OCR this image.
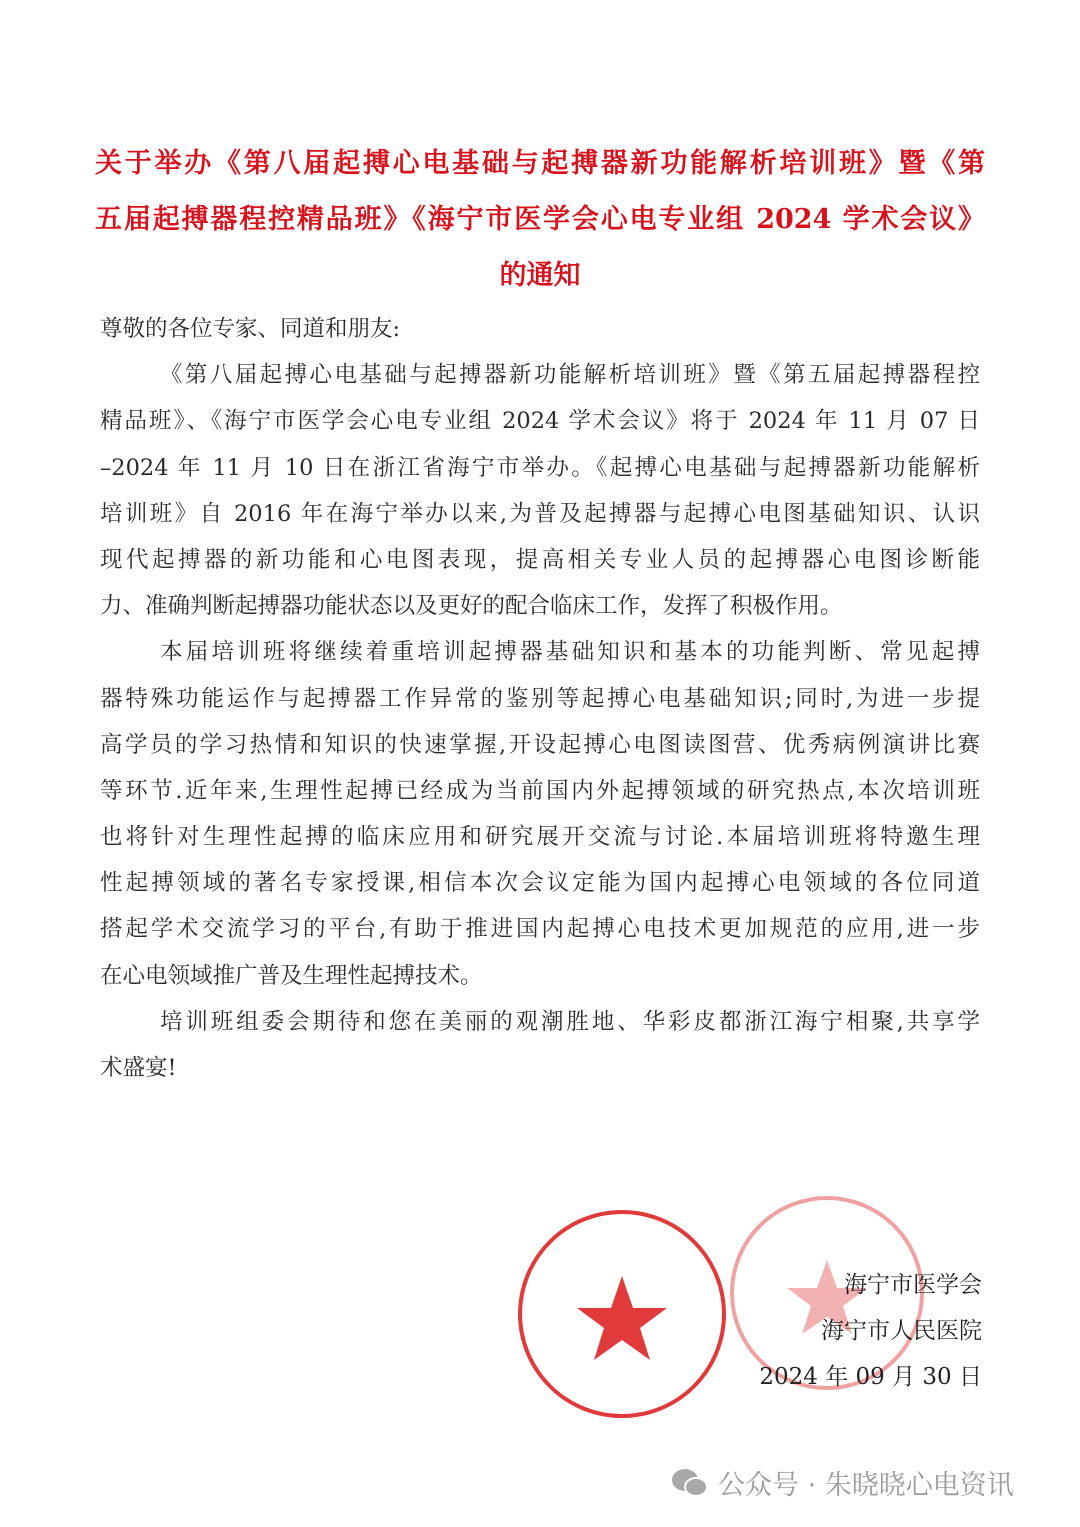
关于举办《第八届起搏心电基础与起搏器新功能解析培训班》暨《第
五届起搏器程控精品班》《海宁市医学会心电专业组 2024 学术会议》
的通知
尊敬的各位专家、同道和朋友:
《第八届起搏心电基础与起搏器新功能解析培训班》暨《第五届起搏器程控
精品班》、《海宁市医学会心电专业组 2024 学术会议》将于 2024 年 11 月 07 日
–2024 年 11 月 10 日在浙江省海宁市举办。《起搏心电基础与起搏器新功能解析
培训班》自 2016 年在海宁举办以来,为普及起搏器与起搏心电图基础知识、认识
现代起搏器的新功能和心电图表现，提高相关专业人员的起搏器心电图诊断能
力、准确判断起搏器功能状态以及更好的配合临床工作，发挥了积极作用。
本届培训班将继续着重培训起搏器基础知识和基本的功能判断、常见起搏
器特殊功能运作与起搏器工作异常的鉴别等起搏心电基础知识;同时,为进一步提
高学员的学习热情和知识的快速掌握,开设起搏心电图读图营、优秀病例演讲比赛
等环节.近年来,生理性起搏已经成为当前国内外起搏领域的研究热点,本次培训班
也将针对生理性起搏的临床应用和研究展开交流与讨论.本届培训班将特邀生理
性起搏领域的著名专家授课,相信本次会议定能为国内起搏心电领域的各位同道
搭起学术交流学习的平台,有助于推进国内起搏心电技术更加规范的应用,进一步
在心电领域推广普及生理性起搏技术。
培训班组委会期待和您在美丽的观潮胜地、华彩皮都浙江海宁相聚,共享学
术盛宴!
海宁市医学会
海宁市人民医院
2024 年 09 月 30 日
公众号 · 朱晓晓心电资讯
